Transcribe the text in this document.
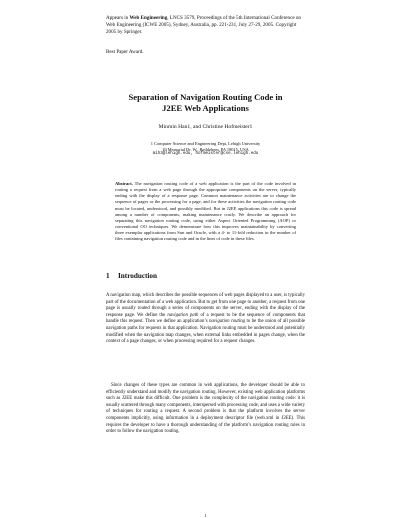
Appears in Web Engineering, LNCS 3579, Proceedings of the 5th International Conference on Web Engineering (ICWE 2005), Sydney, Australia, pp. 221-231, July 27-29, 2005. Copyright 2005 by Springer.
Best Paper Award.
Separation of Navigation Routing Code in
J2EE Web Applications
Minmin Han1, and Christine Hofmeister1
1 Computer Science and Engineering Dept, Lehigh University
19 Memorial Dr. W., Bethlehem, PA 18015, USA
mih3@lehigh.edu, hofmeister@cse.lehigh.edu
Abstract. The navigation routing code of a web application is the part of the code involved in routing a request from a web page through the appropriate components on the server, typically ending with the display of a response page. Common maintenance activities are to change the sequence of pages or the processing for a page, and for these activities the navigation routing code must be located, understood, and possibly modified. But in J2EE applications this code is spread among a number of components, making maintenance costly. We describe an approach for separating this navigation routing code, using either Aspect Oriented Programming (AOP) or conventional OO techniques. We demonstrate how this improves maintainability by converting three exemplar applications from Sun and Oracle, with a 4- to 11-fold reduction in the number of files containing navigation routing code and in the lines of code in these files.
1 Introduction
A navigation map, which describes the possible sequences of web pages displayed to a user, is typically part of the documentation of a web application. But to get from one page to another, a request from one page is usually routed through a series of components on the server, ending with the display of the response page. We define the navigation path of a request to be the sequence of components that handle this request. Then we define an application’s navigation routing to be the union of all possible navigation paths for requests in that application. Navigation routing must be understood and potentially modified when the navigation map changes, when external links embedded in pages change, when the context of a page changes, or when processing required for a request changes.
Since changes of these types are common in web applications, the developer should be able to efficiently understand and modify the navigation routing. However, existing web application platforms such as J2EE make this difficult. One problem is the complexity of the navigation routing code: it is usually scattered through many components, interspersed with processing code, and uses a wide variety of techniques for routing a request. A second problem is that the platform involves the server components implicitly, using information in a deployment descriptor file (web.xml in J2EE). This requires the developer to have a thorough understanding of the platform’s navigation routing rules in order to follow the navigation routing.
1
